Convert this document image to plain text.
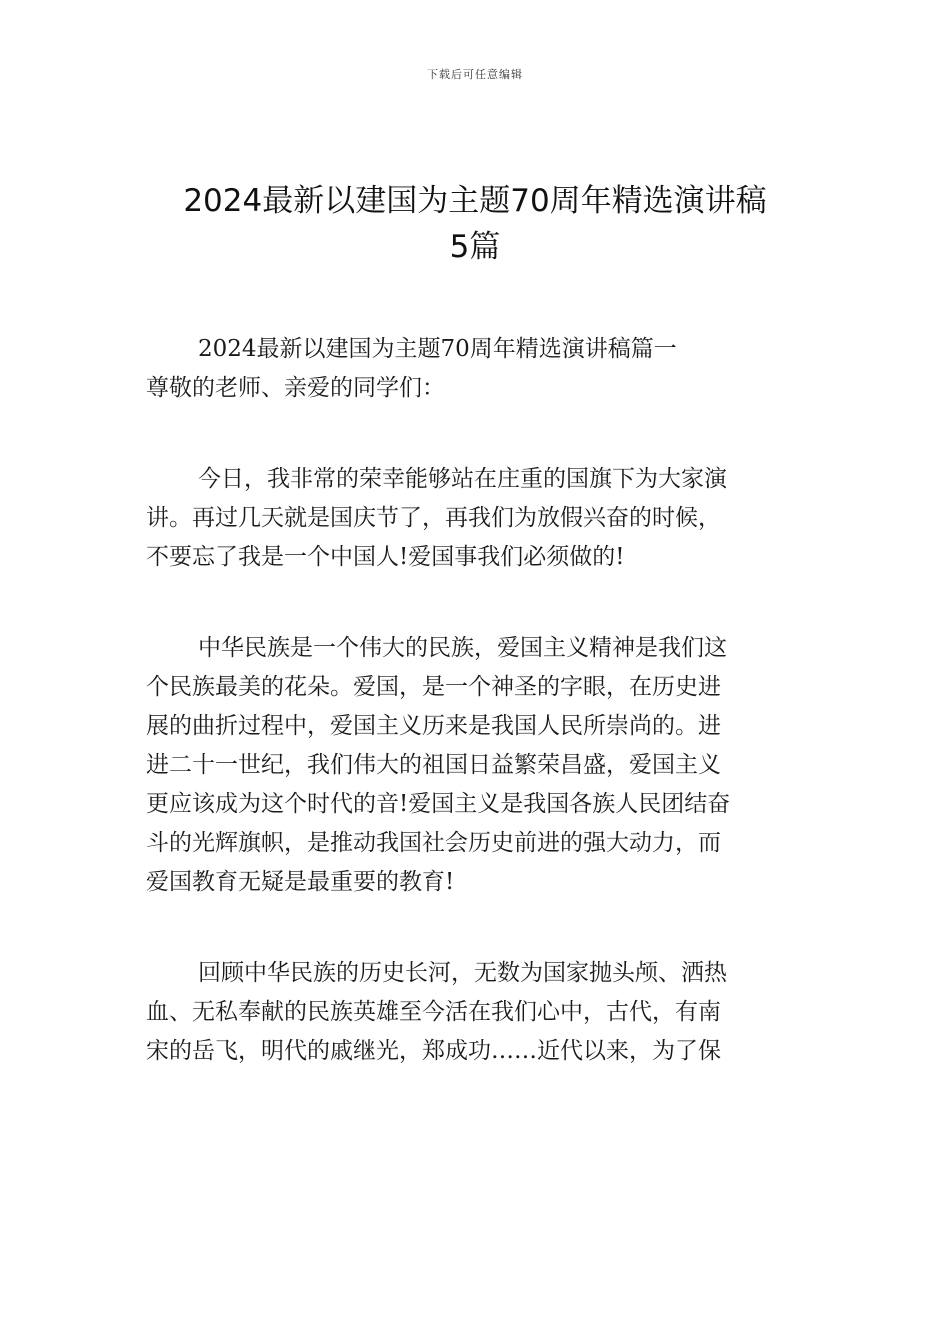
下载后可任意编辑
2024最新以建国为主题70周年精选演讲稿
5篇
2024最新以建国为主题70周年精选演讲稿篇一
尊敬的老师、亲爱的同学们：
今日，我非常的荣幸能够站在庄重的国旗下为大家演
讲。再过几天就是国庆节了，再我们为放假兴奋的时候，
不要忘了我是一个中国人!爱国事我们必须做的!
中华民族是一个伟大的民族，爱国主义精神是我们这
个民族最美的花朵。爱国，是一个神圣的字眼，在历史进
展的曲折过程中，爱国主义历来是我国人民所崇尚的。进
进二十一世纪，我们伟大的祖国日益繁荣昌盛，爱国主义
更应该成为这个时代的音!爱国主义是我国各族人民团结奋
斗的光辉旗帜，是推动我国社会历史前进的强大动力，而
爱国教育无疑是最重要的教育!
回顾中华民族的历史长河，无数为国家抛头颅、洒热
血、无私奉献的民族英雄至今活在我们心中，古代，有南
宋的岳飞，明代的戚继光，郑成功……近代以来，为了保
